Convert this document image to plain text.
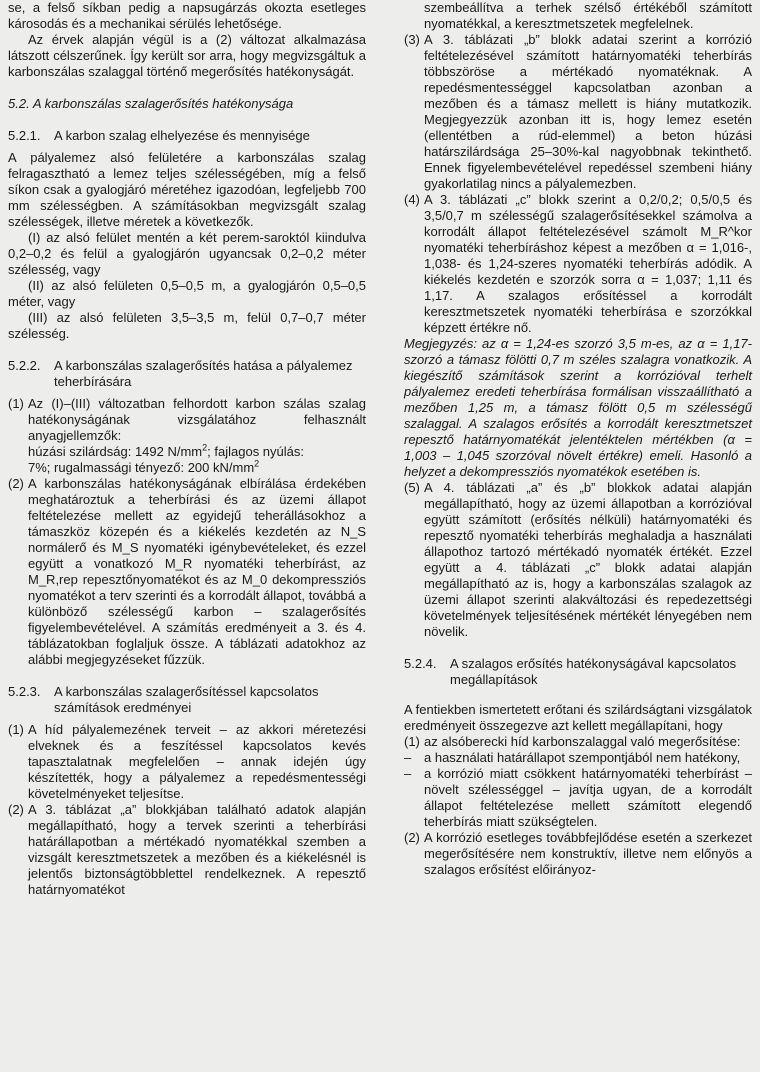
se, a felső síkban pedig a napsugárzás okozta esetleges károsodás és a mechanikai sérülés lehetősége.

Az érvek alapján végül is a (2) változat alkalmazása látszott célszerűnek. Így került sor arra, hogy megvizsgáltuk a karbonszálas szalaggal történő megerősítés hatékonyságát.

5.2. A karbonszálas szalagerősítés hatékonysága

5.2.1.	A karbon szalag elhelyezése és mennyisége

A pályalemez alsó felületére a karbonszálas szalag felragasztható a lemez teljes szélességében, míg a felső síkon csak a gyalogjáró méretéhez igazodóan, legfeljebb 700 mm szélességben. A számításokban megvizsgált szalag szélességek, illetve méretek a következők.

(I) az alsó felület mentén a két perem-saroktól kiindulva 0,2–0,2 és felül a gyalogjárón ugyancsak 0,2–0,2 méter szélesség, vagy

(II) az alsó felületen 0,5–0,5 m, a gyalogjárón 0,5–0,5 méter, vagy

(III) az alsó felületen 3,5–3,5 m, felül 0,7–0,7 méter szélesség.

5.2.2.	A karbonszálas szalagerősítés hatása a pályalemez teherbírására
(1) Az (I)–(III) változatban felhordott karbon szálas szalag hatékonyságának vizsgálatához felhasznált anyagjellemzők:
húzási szilárdság: 1492 $N/mm^2$; fajlagos nyúlás:
7%; rugalmassági tényező: 200 $kN/mm^2$
(2) A karbonszálas hatékonyságának elbírálása érdekében meghatároztuk a teherbírási és az üzemi állapot feltételezése mellett az egyidejű teherállásokhoz a támaszköz közepén és a kiékelés kezdetén az N_S normálerő és M_S nyomatéki igénybevételeket, és ezzel együtt a vonatkozó M_R nyomatéki teherbírást, az M_R,rep repesztőnyomatékot és az M_0 dekompressziós nyomatékot a terv szerinti és a korrodált állapot, továbbá a különböző szélességű karbon – szalagerősítés figyelembevételével. A számítás eredményeit a 3. és 4. táblázatokban foglaljuk össze. A táblázati adatokhoz az alábbi megjegyzéseket fűzzük.
5.2.3.	A karbonszálas szalagerősítéssel kapcsolatos számítások eredményei
(1) A híd pályalemezének terveit – az akkori méretezési elveknek és a feszítéssel kapcsolatos kevés tapasztalatnak megfelelően – annak idején úgy készítették, hogy a pályalemez a repedésmentességi követelményeket teljesítse.
(2) A 3. táblázat „a” blokkjában található adatok alapján megállapítható, hogy a tervek szerinti a teherbírási határállapotban a mértékadó nyomatékkal szemben a vizsgált keresztmetszetek a mezőben és a kiékelésnél is jelentős biztonságtöbblettel rendelkeznek. A repesztő határnyomatékot

szembeállítva a terhek szélső értékéből számított nyomatékkal, a keresztmetszetek megfelelnek.

(3) A 3. táblázati „b” blokk adatai szerint a korrózió feltételezésével számított határnyomatéki teherbírás többszöröse a mértékadó nyomatéknak. A repedésmentességgel kapcsolatban azonban a mezőben és a támasz mellett is hiány mutatkozik. Megjegyezzük azonban itt is, hogy lemez esetén (ellentétben a rúd-elemmel) a beton húzási határszilárdsága 25–30%-kal nagyobbnak tekinthető. Ennek figyelembevételével repedéssel szembeni hiány gyakorlatilag nincs a pályalemezben.
(4) A 3. táblázati „c” blokk szerint a 0,2/0,2; 0,5/0,5 és 3,5/0,7 m szélességű szalagerősítésekkel számolva a korrodált állapot feltételezésével számolt M_R^kor nyomatéki teherbíráshoz képest a mezőben α = 1,016-, 1,038- és 1,24-szeres nyomatéki teherbírás adódik. A kiékelés kezdetén e szorzók sorra α = 1,037; 1,11 és 1,17. A szalagos erősítéssel a korrodált keresztmetszetek nyomatéki teherbírása e szorzókkal képzett értékre nő.

Megjegyzés: az α = 1,24-es szorzó 3,5 m-es, az α = 1,17-szorzó a támasz fölötti 0,7 m széles szalagra vonatkozik. A kiegészítő számítások szerint a korrózióval terhelt pályalemez eredeti teherbírása formálisan visszaállítható a mezőben 1,25 m, a támasz fölött 0,5 m szélességű szalaggal. A szalagos erősítés a korrodált keresztmetszet repesztő határnyomatékát jelentéktelen mértékben (α = 1,003 – 1,045 szorzóval növelt értékre) emeli. Hasonló a helyzet a dekompressziós nyomatékok esetében is.

(5) A 4. táblázati „a” és „b” blokkok adatai alapján megállapítható, hogy az üzemi állapotban a korrózióval együtt számított (erősítés nélküli) határnyomatéki és repesztő nyomatéki teherbírás meghaladja a használati állapothoz tartozó mértékadó nyomaték értékét. Ezzel együtt a 4. táblázati „c” blokk adatai alapján megállapítható az is, hogy a karbonszálas szalagok az üzemi állapot szerinti alakváltozási és repedezettségi követelmények teljesítésének mértékét lényegében nem növelik.
5.2.4.	A szalagos erősítés hatékonyságával kapcsolatos megállapítások

A fentiekben ismertetett erőtani és szilárdságtani vizsgálatok eredményeit összegezve azt kellett megállapítani, hogy

(1) az alsóberecki híd karbonszalaggal való megerősítése:
– a használati határállapot szempontjából nem hatékony,
– a korrózió miatt csökkent határnyomatéki teherbírást – növelt szélességgel – javítja ugyan, de a korrodált állapot feltételezése mellett számított elegendő teherbírás miatt szükségtelen.
(2) A korrózió esetleges továbbfejlődése esetén a szerkezet megerősítésére nem konstruktív, illetve nem előnyös a szalagos erősítést előirányoz-
